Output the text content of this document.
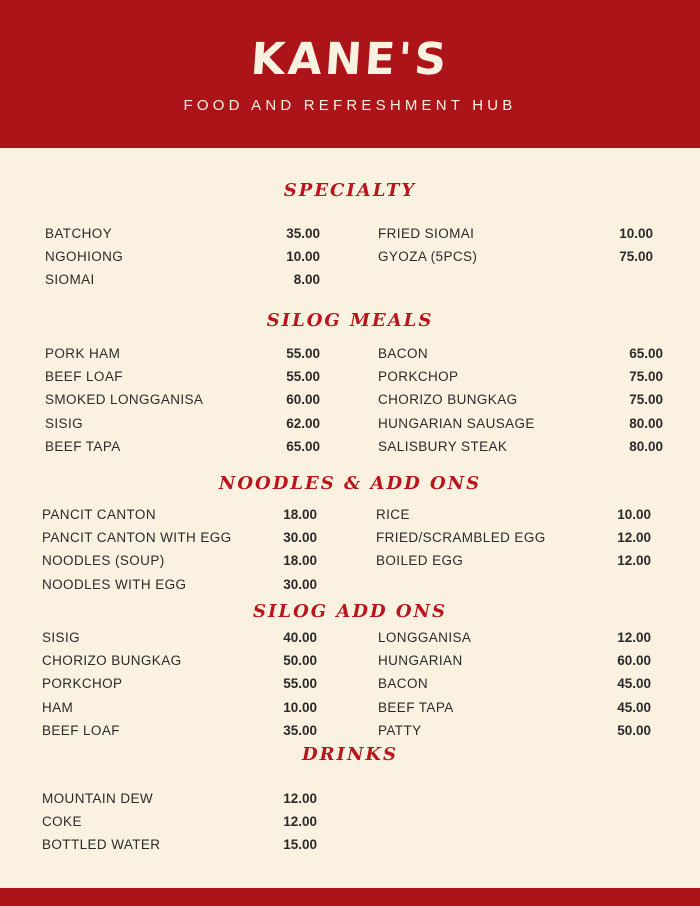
KANE'S
FOOD AND REFRESHMENT HUB
SPECIALTY
BATCHOY	35.00
NGOHIONG	10.00
SIOMAI	8.00
FRIED SIOMAI	10.00
GYOZA (5PCS)	75.00
SILOG MEALS
PORK HAM	55.00
BEEF LOAF	55.00
SMOKED LONGGANISA	60.00
SISIG	62.00
BEEF TAPA	65.00
BACON	65.00
PORKCHOP	75.00
CHORIZO BUNGKAG	75.00
HUNGARIAN SAUSAGE	80.00
SALISBURY STEAK	80.00
NOODLES & ADD ONS
PANCIT CANTON	18.00
PANCIT CANTON WITH EGG	30.00
NOODLES (SOUP)	18.00
NOODLES WITH EGG	30.00
RICE	10.00
FRIED/SCRAMBLED EGG	12.00
BOILED EGG	12.00
SILOG ADD ONS
SISIG	40.00
CHORIZO BUNGKAG	50.00
PORKCHOP	55.00
HAM	10.00
BEEF LOAF	35.00
LONGGANISA	12.00
HUNGARIAN	60.00
BACON	45.00
BEEF TAPA	45.00
PATTY	50.00
DRINKS
MOUNTAIN DEW	12.00
COKE	12.00
BOTTLED WATER	15.00
